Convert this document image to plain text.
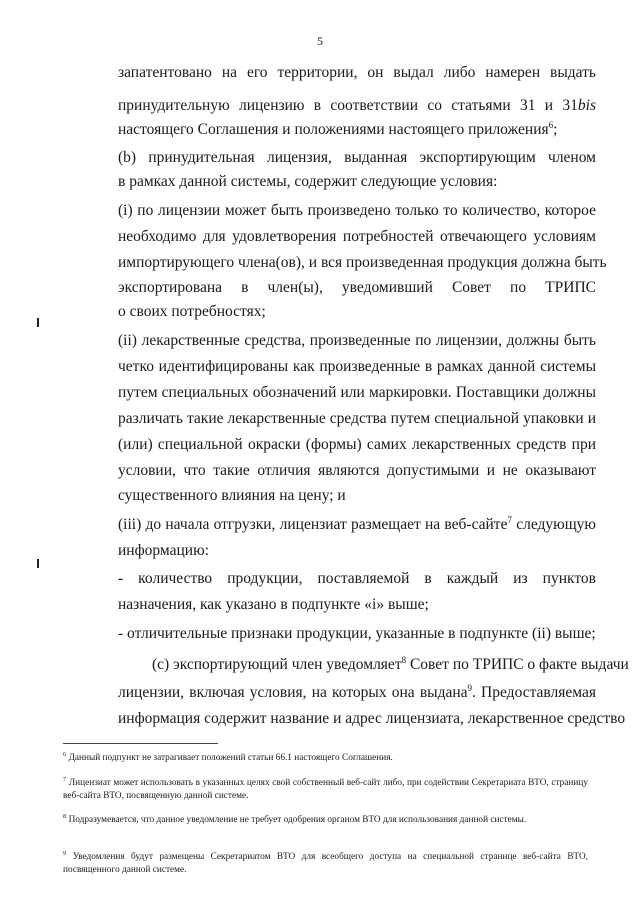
5
запатентовано на его территории, он выдал либо намерен выдать
принудительную лицензию в соответствии со статьями 31 и 31bis
настоящего Соглашения и положениями настоящего приложения$^6$;
(b) принудительная лицензия, выданная экспортирующим членом
в рамках данной системы, содержит следующие условия:
(i) по лицензии может быть произведено только то количество, которое
необходимо для удовлетворения потребностей отвечающего условиям
импортирующего члена(ов), и вся произведенная продукция должна быть
экспортирована в член(ы), уведомивший Совет по ТРИПС
о своих потребностях;
(ii) лекарственные средства, произведенные по лицензии, должны быть
четко идентифицированы как произведенные в рамках данной системы
путем специальных обозначений или маркировки. Поставщики должны
различать такие лекарственные средства путем специальной упаковки и
(или) специальной окраски (формы) самих лекарственных средств при
условии, что такие отличия являются допустимыми и не оказывают
существенного влияния на цену; и
(iii) до начала отгрузки, лицензиат размещает на веб-сайте$^7$ следующую
информацию:
- количество продукции, поставляемой в каждый из пунктов
назначения, как указано в подпункте «i» выше;
- отличительные признаки продукции, указанные в подпункте (ii) выше;
(c) экспортирующий член уведомляет$^8$ Совет по ТРИПС о факте выдачи
лицензии, включая условия, на которых она выдана$^9$. Предоставляемая
информация содержит название и адрес лицензиата, лекарственное средство
$^6$ Данный подпункт не затрагивает положений статьи 66.1 настоящего Соглашения.
$^7$ Лицензиат может использовать в указанных целях свой собственный веб-сайт либо, при содействии Секретариата ВТО, страницу веб-сайта ВТО, посвященную данной системе.
$^8$ Подразумевается, что данное уведомление не требует одобрения органом ВТО для использования данной системы.
$^9$ Уведомления будут размещены Секретариатом ВТО для всеобщего доступа на специальной странице веб-сайта ВТО, посвященного данной системе.
